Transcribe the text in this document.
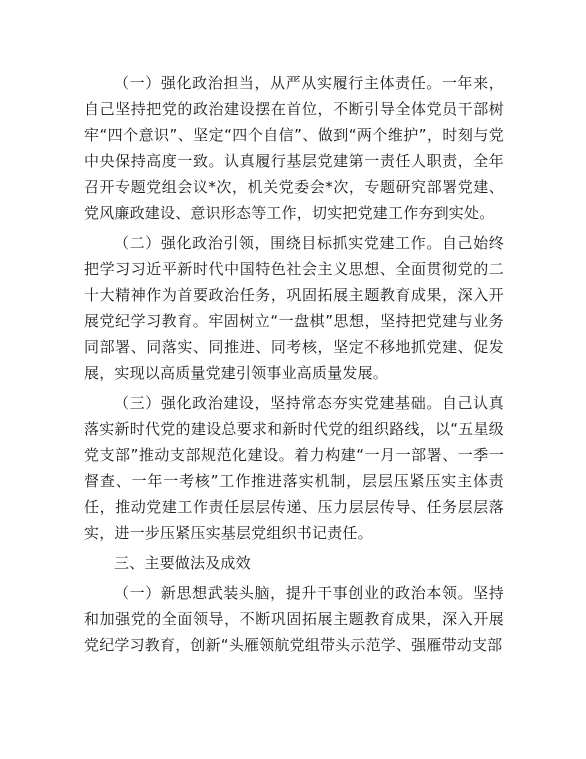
（一）强化政治担当，从严从实履行主体责任。一年来，自己坚持把党的政治建设摆在首位，不断引导全体党员干部树牢“四个意识”、坚定“四个自信”、做到“两个维护”，时刻与党中央保持高度一致。认真履行基层党建第一责任人职责，全年召开专题党组会议*次，机关党委会*次，专题研究部署党建、党风廉政建设、意识形态等工作，切实把党建工作夯到实处。

（二）强化政治引领，围绕目标抓实党建工作。自己始终把学习习近平新时代中国特色社会主义思想、全面贯彻党的二十大精神作为首要政治任务，巩固拓展主题教育成果，深入开展党纪学习教育。牢固树立“一盘棋”思想，坚持把党建与业务同部署、同落实、同推进、同考核，坚定不移地抓党建、促发展，实现以高质量党建引领事业高质量发展。

（三）强化政治建设，坚持常态夯实党建基础。自己认真落实新时代党的建设总要求和新时代党的组织路线，以“五星级党支部”推动支部规范化建设。着力构建“一月一部署、一季一督查、一年一考核”工作推进落实机制，层层压紧压实主体责任，推动党建工作责任层层传递、压力层层传导、任务层层落实，进一步压紧压实基层党组织书记责任。

三、主要做法及成效

（一）新思想武装头脑，提升干事创业的政治本领。坚持和加强党的全面领导，不断巩固拓展主题教育成果，深入开展党纪学习教育，创新“头雁领航党组带头示范学、强雁带动支部
